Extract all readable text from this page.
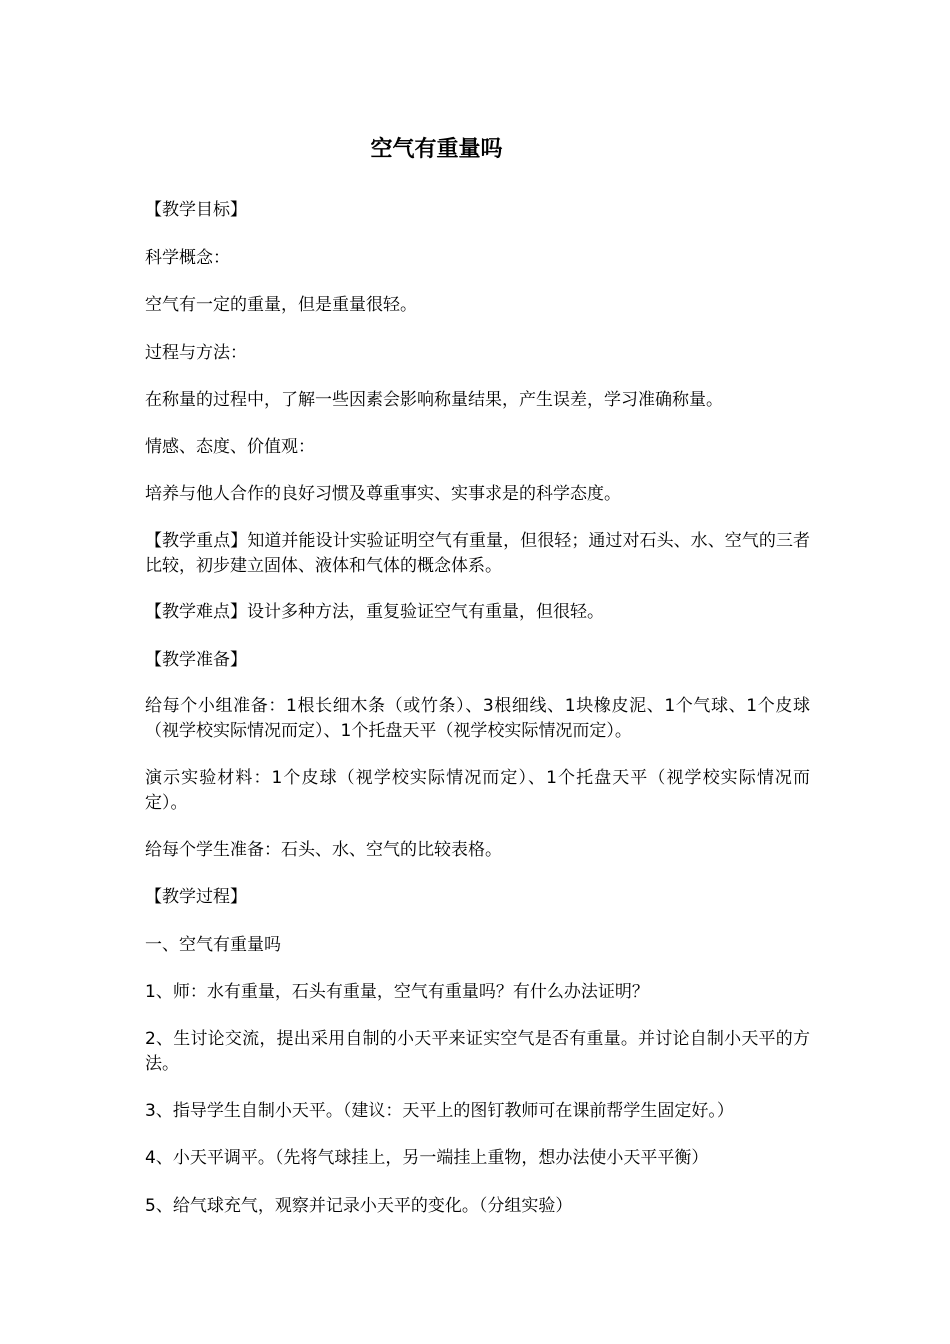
空气有重量吗

【教学目标】

科学概念：

空气有一定的重量，但是重量很轻。

过程与方法：

在称量的过程中，了解一些因素会影响称量结果，产生误差，学习准确称量。

情感、态度、价值观：

培养与他人合作的良好习惯及尊重事实、实事求是的科学态度。

【教学重点】知道并能设计实验证明空气有重量，但很轻；通过对石头、水、空气的三者比较，初步建立固体、液体和气体的概念体系。

【教学难点】设计多种方法，重复验证空气有重量，但很轻。

【教学准备】

给每个小组准备：1根长细木条（或竹条）、3根细线、1块橡皮泥、1个气球、1个皮球（视学校实际情况而定）、1个托盘天平（视学校实际情况而定）。

演示实验材料：1个皮球（视学校实际情况而定）、1个托盘天平（视学校实际情况而定）。

给每个学生准备：石头、水、空气的比较表格。

【教学过程】

一、空气有重量吗

1、师：水有重量，石头有重量，空气有重量吗？有什么办法证明？

2、生讨论交流，提出采用自制的小天平来证实空气是否有重量。并讨论自制小天平的方法。

3、指导学生自制小天平。（建议：天平上的图钉教师可在课前帮学生固定好。）

4、小天平调平。（先将气球挂上，另一端挂上重物，想办法使小天平平衡）

5、给气球充气，观察并记录小天平的变化。（分组实验）
